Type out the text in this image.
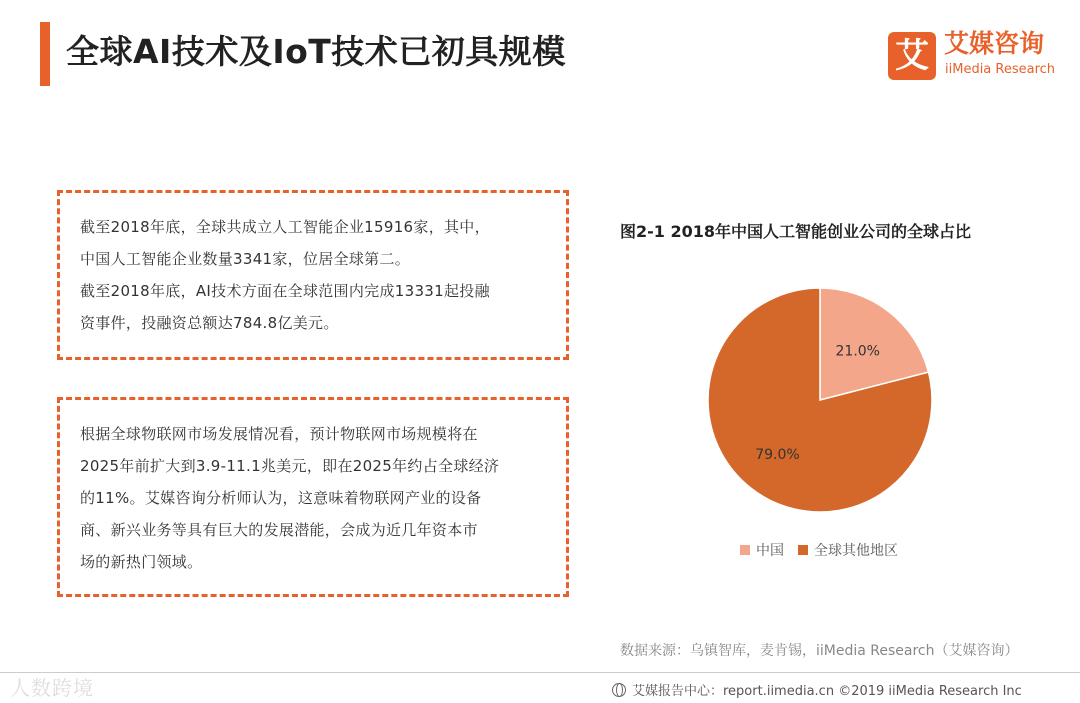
全球AI技术及IoT技术已初具规模	艾 艾媒咨询
iiMedia Research
截至2018年底，全球共成立人工智能企业15916家，其中，
中国人工智能企业数量3341家，位居全球第二。
截至2018年底，AI技术方面在全球范围内完成13331起投融
资事件，投融资总额达784.8亿美元。
根据全球物联网市场发展情况看，预计物联网市场规模将在
2025年前扩大到3.9-11.1兆美元，即在2025年约占全球经济
的11%。艾媒咨询分析师认为，这意味着物联网产业的设备
商、新兴业务等具有巨大的发展潜能，会成为近几年资本市
场的新热门领域。
图2-1 2018年中国人工智能创业公司的全球占比
21.0%
79.0%
中国 全球其他地区
数据来源：乌镇智库，麦肯锡，iiMedia Research（艾媒咨询）
人数跨境	艾媒报告中心：report.iimedia.cn ©2019 iiMedia Research Inc
